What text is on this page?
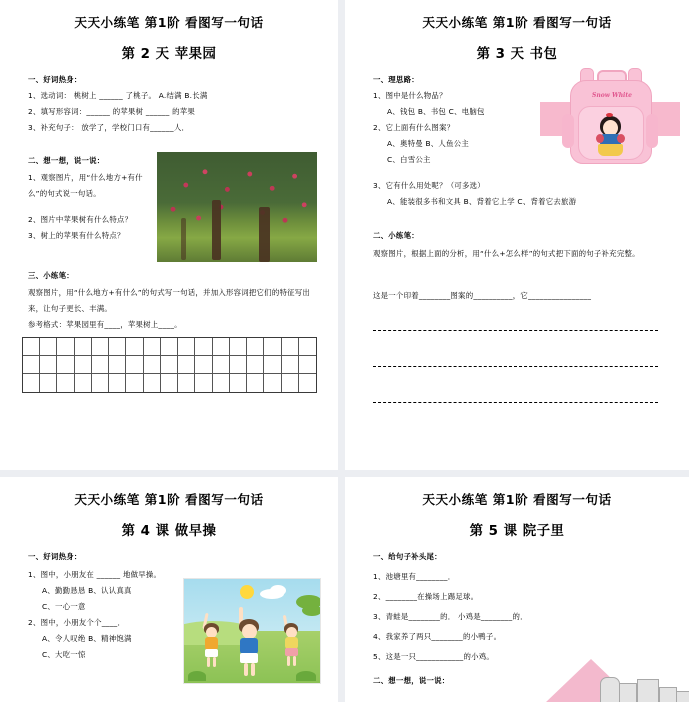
天天小练笔 第1阶 看图写一句话
第 2 天 苹果园
一、好词热身：
1、选动词： 桃树上 ______ 了桃子。 A.结满 B.长满
2、填写形容词：______ 的苹果树 ______ 的苹果
3、补充句子： 放学了，学校门口有______人．
二、想一想，说一说：
1、观察图片，用“什么地方+有什么”的句式说一句话。
2、图片中苹果树有什么特点？
3、树上的苹果有什么特点？
三、小练笔：
观察图片，用“什么地方+有什么”的句式写一句话，并加入形容词把它们的特征写出来，让句子更长、丰满。
参考格式：苹果园里有____，苹果树上____。
天天小练笔 第1阶 看图写一句话
第 3 天 书包
一、理思路：
1、图中是什么物品？
A、钱包 B、书包 C、电脑包
2、它上面有什么图案？
A、奥特曼 B、人鱼公主
C、白雪公主
3、它有什么用处呢？（可多选）
A、能装很多书和文具 B、背着它上学 C、背着它去旅游
Snow White
二、小练笔：
观察图片，根据上面的分析，用“什么+怎么样”的句式把下面的句子补充完整。
这是一个印着________图案的__________，它________________
天天小练笔 第1阶 看图写一句话
第 4 课 做早操
一、好词热身：
1、图中，小朋友在 ______ 地做早操。
A、勤勤恳恳 B、认认真真
C、一心一意
2、图中，小朋友个个____．
A、令人叹绝 B、精神饱满
C、大吃一惊
天天小练笔 第1阶 看图写一句话
第 5 课 院子里
一、给句子补头尾：
1、池塘里有________．
2、________在操场上踢足球。
3、青蛙是________的． 小鸡是________的．
4、我家养了两只________的小鸭子。
5、这是一只____________的小鸡。
二、想一想，说一说：
